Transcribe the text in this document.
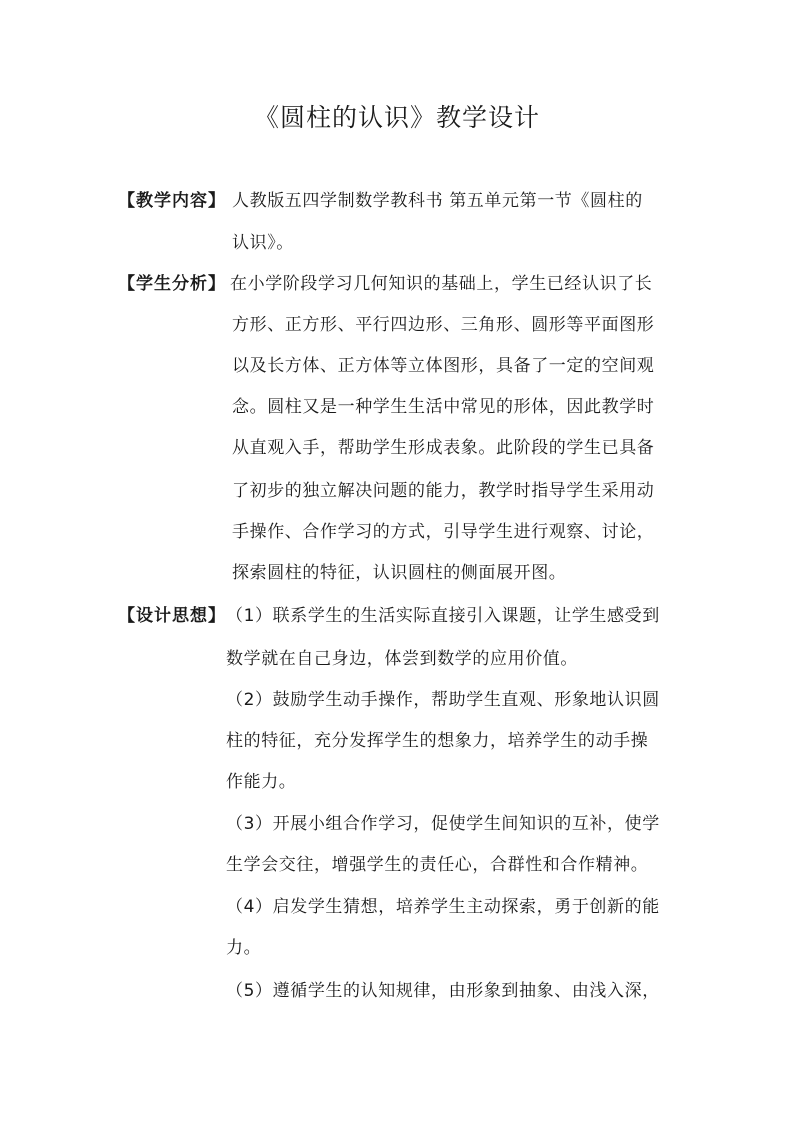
《圆柱的认识》教学设计
【教学内容】 人教版五四学制数学教科书 第五单元第一节《圆柱的
认识》。
【学生分析】 在小学阶段学习几何知识的基础上，学生已经认识了长
方形、正方形、平行四边形、三角形、圆形等平面图形
以及长方体、正方体等立体图形，具备了一定的空间观
念。圆柱又是一种学生生活中常见的形体，因此教学时
从直观入手，帮助学生形成表象。此阶段的学生已具备
了初步的独立解决问题的能力，教学时指导学生采用动
手操作、合作学习的方式，引导学生进行观察、讨论，
探索圆柱的特征，认识圆柱的侧面展开图。
【设计思想】 （1）联系学生的生活实际直接引入课题，让学生感受到
数学就在自己身边，体尝到数学的应用价值。
（2）鼓励学生动手操作，帮助学生直观、形象地认识圆
柱的特征，充分发挥学生的想象力，培养学生的动手操
作能力。
（3）开展小组合作学习，促使学生间知识的互补，使学
生学会交往，增强学生的责任心，合群性和合作精神。
（4）启发学生猜想，培养学生主动探索，勇于创新的能
力。
（5）遵循学生的认知规律，由形象到抽象、由浅入深，
